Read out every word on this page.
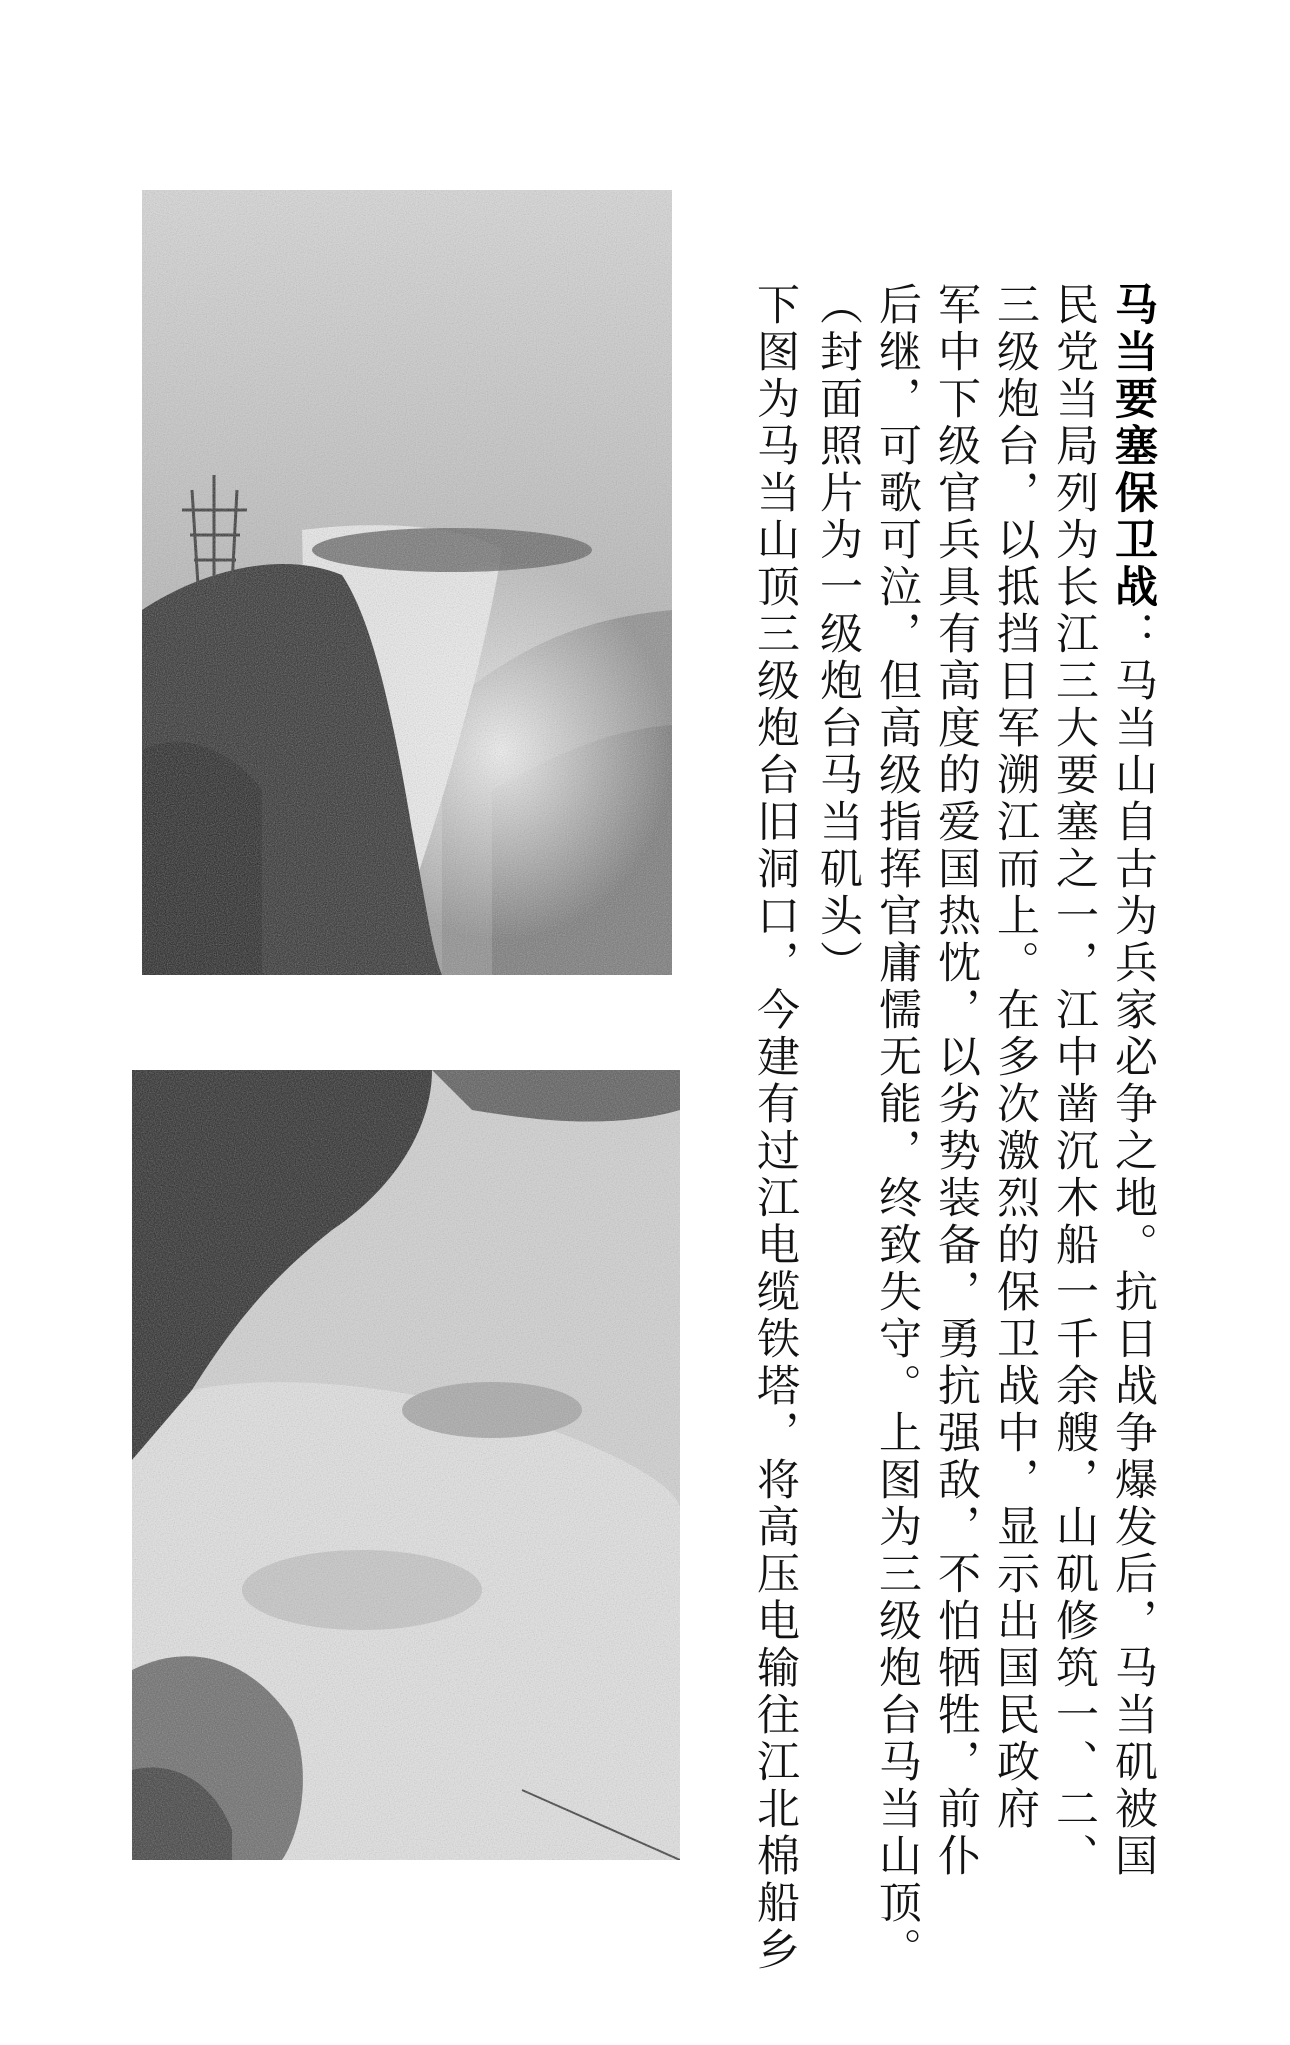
马当要塞保卫战：马当山自古为兵家必争之地。抗日战争爆发后，马当矶被国
民党当局列为长江三大要塞之一，江中凿沉木船一千余艘，山矶修筑一、二、
三级炮台，以抵挡日军溯江而上。在多次激烈的保卫战中，显示出国民政府
军中下级官兵具有高度的爱国热忱，以劣势装备，勇抗强敌，不怕牺牲，前仆
后继，可歌可泣，但高级指挥官庸懦无能，终致失守。上图为三级炮台马当山顶。
（封面照片为一级炮台马当矶头）
下图为马当山顶三级炮台旧洞口，今建有过江电缆铁塔，将高压电输往江北棉船乡
